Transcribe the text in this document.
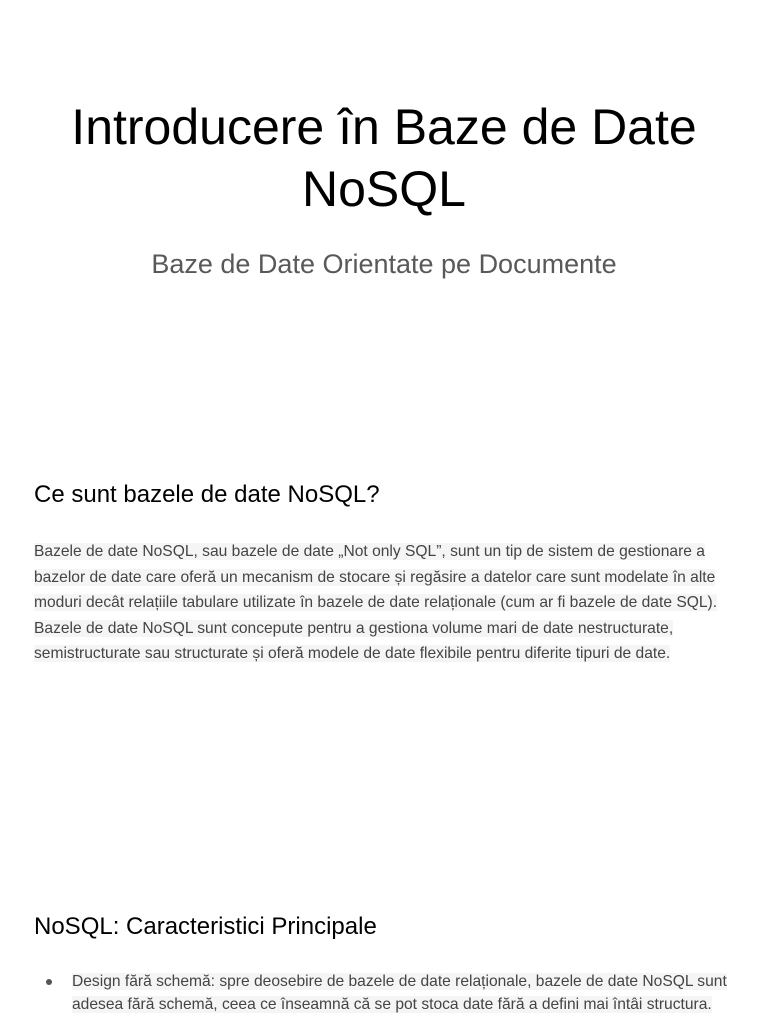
Introducere în Baze de Date NoSQL
Baze de Date Orientate pe Documente
Ce sunt bazele de date NoSQL?

Bazele de date NoSQL, sau bazele de date „Not only SQL”, sunt un tip de sistem de gestionare a bazelor de date care oferă un mecanism de stocare și regăsire a datelor care sunt modelate în alte moduri decât relațiile tabulare utilizate în bazele de date relaționale (cum ar fi bazele de date SQL). Bazele de date NoSQL sunt concepute pentru a gestiona volume mari de date nestructurate, semistructurate sau structurate și oferă modele de date flexibile pentru diferite tipuri de date.

NoSQL: Caracteristici Principale
Design fără schemă: spre deosebire de bazele de date relaționale, bazele de date NoSQL sunt adesea fără schemă, ceea ce înseamnă că se pot stoca date fără a defini mai întâi structura.
